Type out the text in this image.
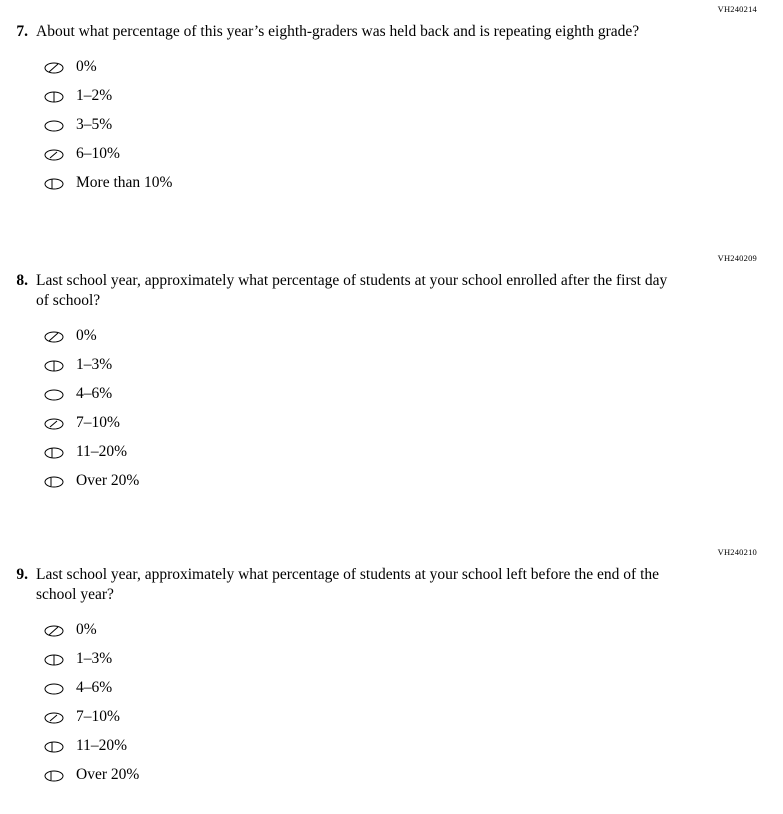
VH240214
7. About what percentage of this year’s eighth-graders was held back and is repeating eighth grade?
0%
1–2%
3–5%
6–10%
More than 10%
VH240209
8. Last school year, approximately what percentage of students at your school enrolled after the first day of school?
0%
1–3%
4–6%
7–10%
11–20%
Over 20%
VH240210
9. Last school year, approximately what percentage of students at your school left before the end of the school year?
0%
1–3%
4–6%
7–10%
11–20%
Over 20%
